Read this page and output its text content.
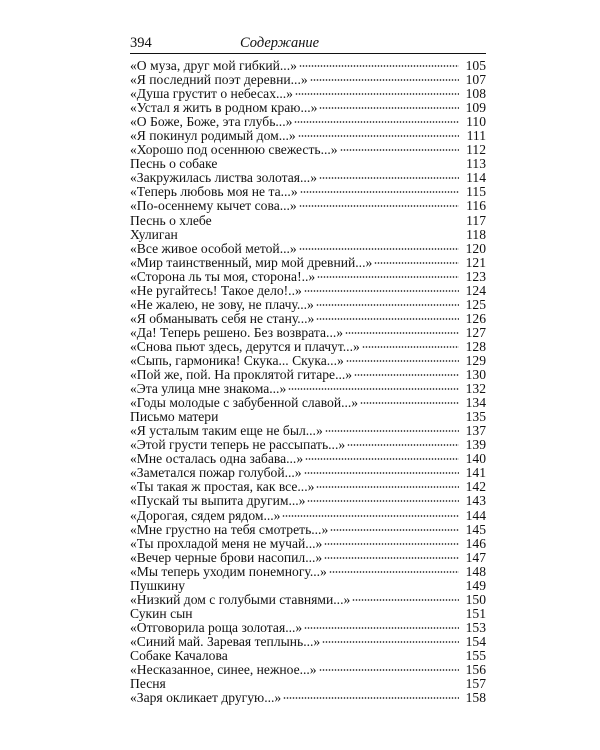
394	Содержание
«О муза, друг мой гибкий...»	105
«Я последний поэт деревни...»	107
«Душа грустит о небесах...»	108
«Устал я жить в родном краю...»	109
«О Боже, Боже, эта глубь...»	110
«Я покинул родимый дом...»	111
«Хорошо под осеннюю свежесть...»	112
Песнь о собаке	113
«Закружилась листва золотая...»	114
«Теперь любовь моя не та...»	115
«По-осеннему кычет сова...»	116
Песнь о хлебе	117
Хулиган	118
«Все живое особой метой...»	120
«Мир таинственный, мир мой древний...»	121
«Сторона ль ты моя, сторона!..»	123
«Не ругайтесь! Такое дело!..»	124
«Не жалею, не зову, не плачу...»	125
«Я обманывать себя не стану...»	126
«Да! Теперь решено. Без возврата...»	127
«Снова пьют здесь, дерутся и плачут...»	128
«Сыпь, гармоника! Скука... Скука...»	129
«Пой же, пой. На проклятой гитаре...»	130
«Эта улица мне знакома...»	132
«Годы молодые с забубенной славой...»	134
Письмо матери	135
«Я усталым таким еще не был...»	137
«Этой грусти теперь не рассыпать...»	139
«Мне осталась одна забава...»	140
«Заметался пожар голубой...»	141
«Ты такая ж простая, как все...»	142
«Пускай ты выпита другим...»	143
«Дорогая, сядем рядом...»	144
«Мне грустно на тебя смотреть...»	145
«Ты прохладой меня не мучай...»	146
«Вечер черные брови насопил...»	147
«Мы теперь уходим понемногу...»	148
Пушкину	149
«Низкий дом с голубыми ставнями...»	150
Сукин сын	151
«Отговорила роща золотая...»	153
«Синий май. Заревая теплынь...»	154
Собаке Качалова	155
«Несказанное, синее, нежное...»	156
Песня	157
«Заря окликает другую...»	158
